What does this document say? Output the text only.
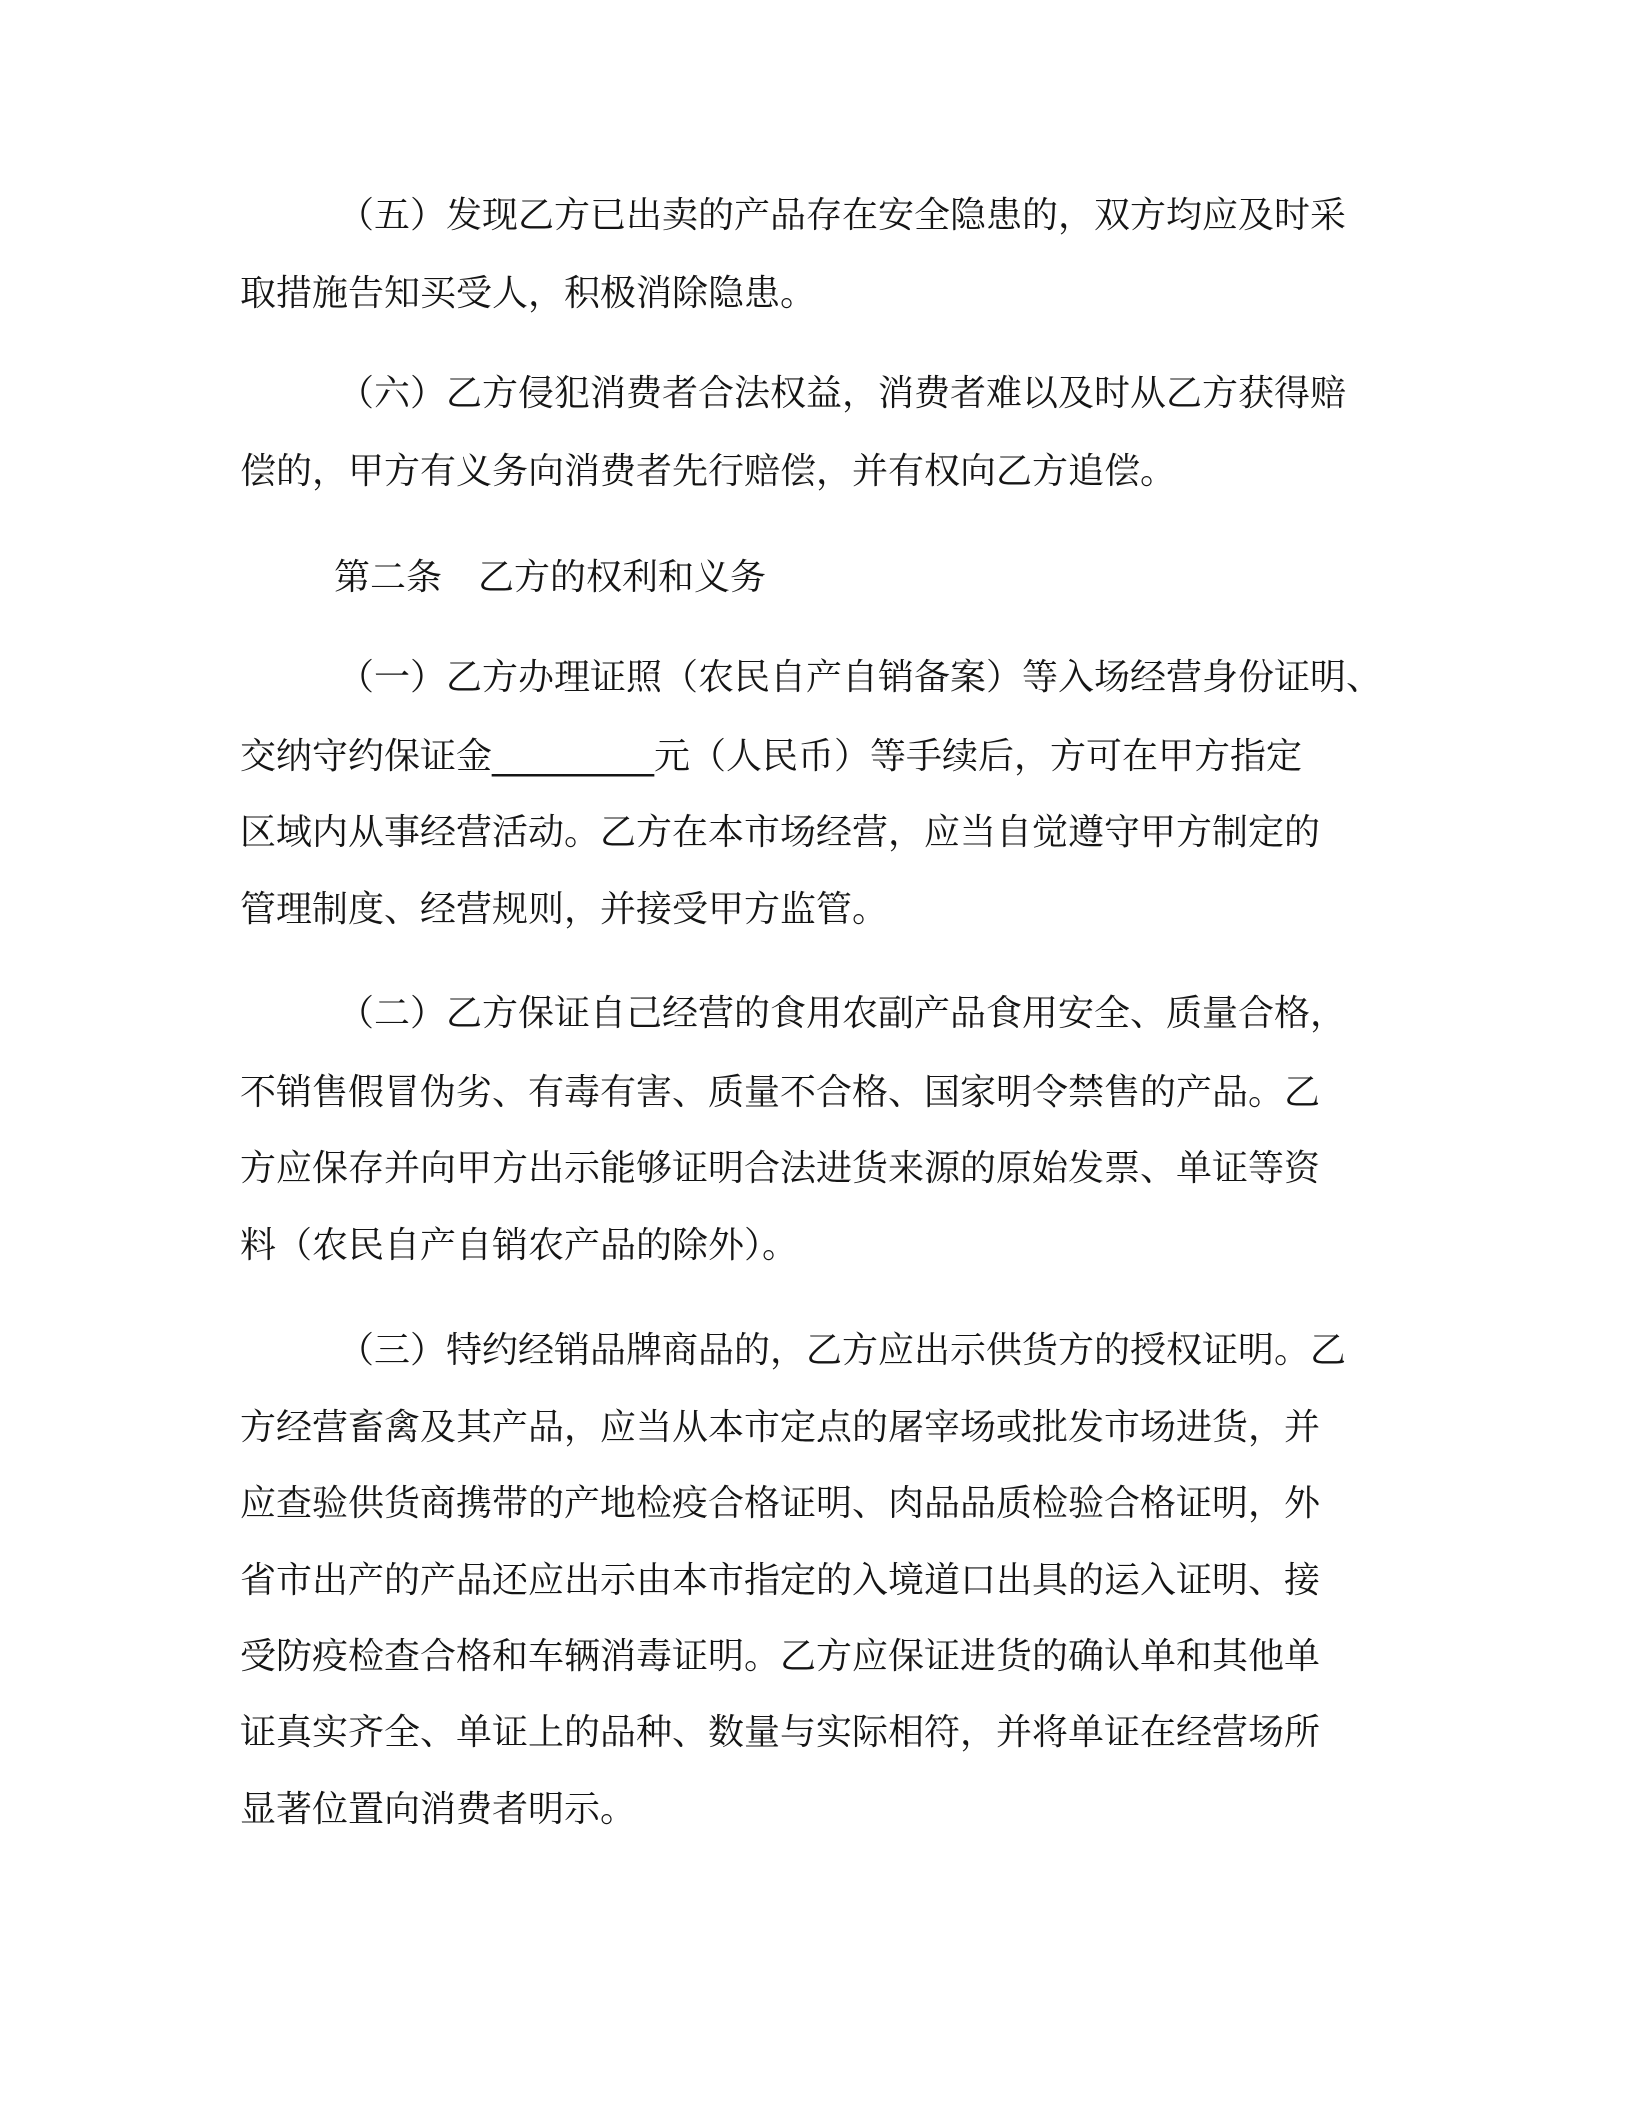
（五）发现乙方已出卖的产品存在安全隐患的，双方均应及时采

取措施告知买受人，积极消除隐患。

（六）乙方侵犯消费者合法权益，消费者难以及时从乙方获得赔

偿的，甲方有义务向消费者先行赔偿，并有权向乙方追偿。

第二条　乙方的权利和义务

（一）乙方办理证照（农民自产自销备案）等入场经营身份证明、

交纳守约保证金_________元（人民币）等手续后，方可在甲方指定

区域内从事经营活动。乙方在本市场经营，应当自觉遵守甲方制定的

管理制度、经营规则，并接受甲方监管。

（二）乙方保证自己经营的食用农副产品食用安全、质量合格，

不销售假冒伪劣、有毒有害、质量不合格、国家明令禁售的产品。乙

方应保存并向甲方出示能够证明合法进货来源的原始发票、单证等资

料（农民自产自销农产品的除外）。

（三）特约经销品牌商品的，乙方应出示供货方的授权证明。乙

方经营畜禽及其产品，应当从本市定点的屠宰场或批发市场进货，并

应查验供货商携带的产地检疫合格证明、肉品品质检验合格证明，外

省市出产的产品还应出示由本市指定的入境道口出具的运入证明、接

受防疫检查合格和车辆消毒证明。乙方应保证进货的确认单和其他单

证真实齐全、单证上的品种、数量与实际相符，并将单证在经营场所

显著位置向消费者明示。
